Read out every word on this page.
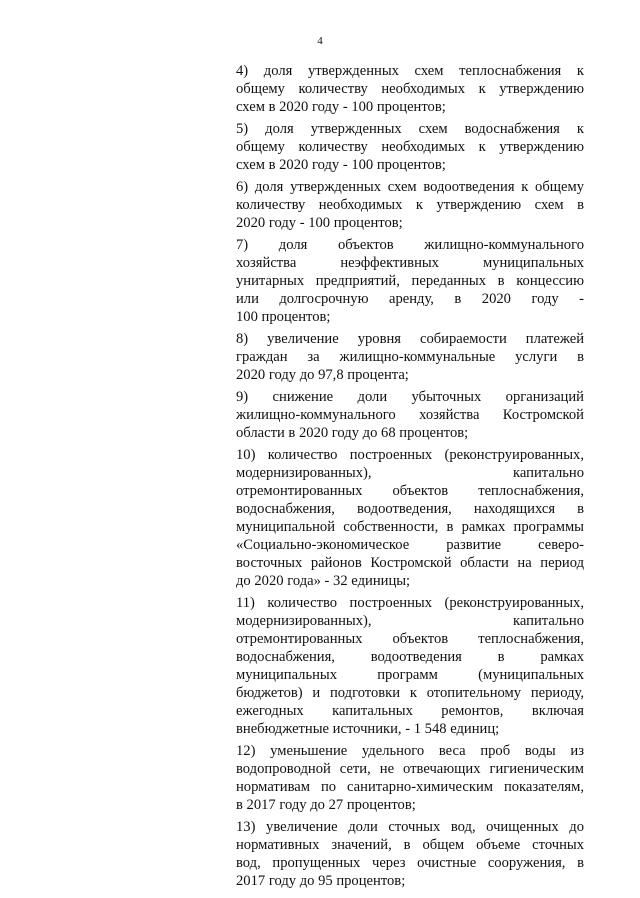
4
4) доля утвержденных схем теплоснабжения к
общему количеству необходимых к утверждению
схем в 2020 году - 100 процентов;
5) доля утвержденных схем водоснабжения к
общему количеству необходимых к утверждению
схем в 2020 году - 100 процентов;
6) доля утвержденных схем водоотведения к общему
количеству необходимых к утверждению схем в
2020 году - 100 процентов;
7) доля объектов жилищно-коммунального
хозяйства неэффективных муниципальных
унитарных предприятий, переданных в концессию
или долгосрочную аренду, в 2020 году -
100 процентов;
8) увеличение уровня собираемости платежей
граждан за жилищно-коммунальные услуги в
2020 году до 97,8 процента;
9) снижение доли убыточных организаций
жилищно-коммунального хозяйства Костромской
области в 2020 году до 68 процентов;
10) количество построенных (реконструированных,
модернизированных), капитально
отремонтированных объектов теплоснабжения,
водоснабжения, водоотведения, находящихся в
муниципальной собственности, в рамках программы
«Социально-экономическое развитие северо-
восточных районов Костромской области на период
до 2020 года» - 32 единицы;
11) количество построенных (реконструированных,
модернизированных), капитально
отремонтированных объектов теплоснабжения,
водоснабжения, водоотведения в рамках
муниципальных программ (муниципальных
бюджетов) и подготовки к отопительному периоду,
ежегодных капитальных ремонтов, включая
внебюджетные источники, - 1 548 единиц;
12) уменьшение удельного веса проб воды из
водопроводной сети, не отвечающих гигиеническим
нормативам по санитарно-химическим показателям,
в 2017 году до 27 процентов;
13) увеличение доли сточных вод, очищенных до
нормативных значений, в общем объеме сточных
вод, пропущенных через очистные сооружения, в
2017 году до 95 процентов;
